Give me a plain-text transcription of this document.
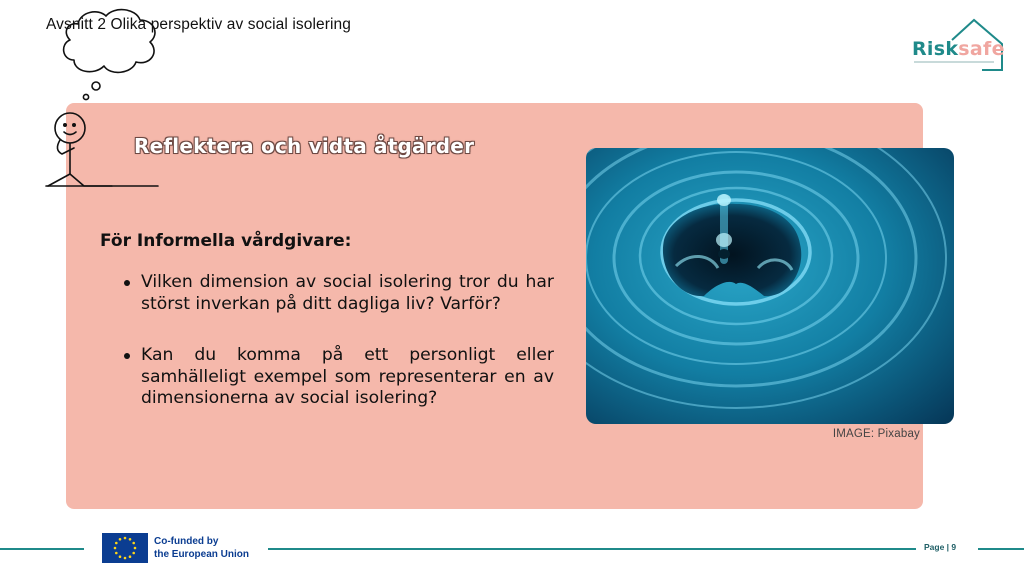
Avsnitt 2 Olika perspektiv av social isolering
Risksafe
Reflektera och vidta åtgärder
För Informella vårdgivare:
Vilken dimension av social isolering tror du har störst inverkan på ditt dagliga liv? Varför?
Kan du komma på ett personligt eller samhälleligt exempel som representerar en av dimensionerna av social isolering?
IMAGE: Pixabay
Co-funded by
the European Union
Page | 9
